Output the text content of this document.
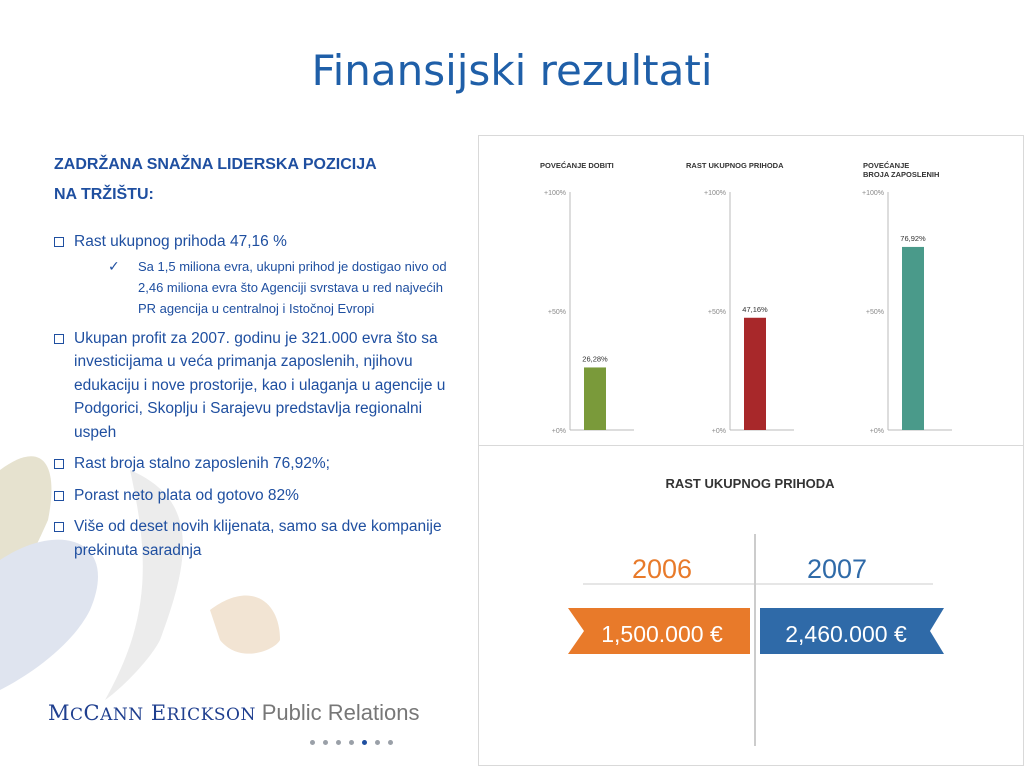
Finansijski rezultati
ZADRŽANA SNAŽNA LIDERSKA POZICIJA
NA TRŽIŠTU:
Rast ukupnog prihoda 47,16 %
✓ Sa 1,5 miliona evra, ukupni prihod je dostigao nivo od 2,46 miliona evra što Agenciji svrstava u red najvećih PR agencija u centralnoj i Istočnoj Evropi
Ukupan profit za 2007. godinu je 321.000 evra što sa investicijama u veća primanja zaposlenih, njihovu edukaciju i nove prostorije, kao i ulaganja u agencije u Podgorici, Skoplju i Sarajevu predstavlja regionalni uspeh
Rast broja stalno zaposlenih 76,92%;
Porast neto plata od gotovo 82%
Više od deset novih klijenata, samo sa dve kompanije prekinuta saradnja
MCCANN ERICKSON Public Relations
POVEĆANJE DOBITI
+100%
+50%
+0%
26,28%
RAST UKUPNOG PRIHODA
+100%
+50%
+0%
47,16%
POVEĆANJE
BROJA ZAPOSLENIH
+100%
+50%
+0%
76,92%
RAST UKUPNOG PRIHODA
2006	2007
1,500.000 €	2,460.000 €
